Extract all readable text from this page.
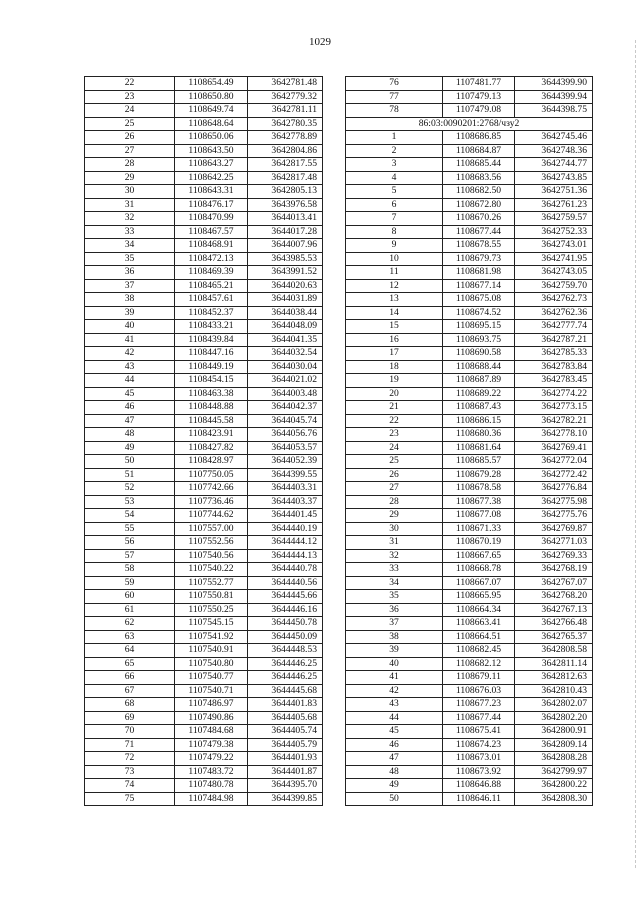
1029
22	1108654.49	3642781.48
23	1108650.80	3642779.32
24	1108649.74	3642781.11
25	1108648.64	3642780.35
26	1108650.06	3642778.89
27	1108643.50	3642804.86
28	1108643.27	3642817.55
29	1108642.25	3642817.48
30	1108643.31	3642805.13
31	1108476.17	3643976.58
32	1108470.99	3644013.41
33	1108467.57	3644017.28
34	1108468.91	3644007.96
35	1108472.13	3643985.53
36	1108469.39	3643991.52
37	1108465.21	3644020.63
38	1108457.61	3644031.89
39	1108452.37	3644038.44
40	1108433.21	3644048.09
41	1108439.84	3644041.35
42	1108447.16	3644032.54
43	1108449.19	3644030.04
44	1108454.15	3644021.02
45	1108463.38	3644003.48
46	1108448.88	3644042.37
47	1108445.58	3644045.74
48	1108423.91	3644056.76
49	1108427.82	3644053.57
50	1108428.97	3644052.39
51	1107750.05	3644399.55
52	1107742.66	3644403.31
53	1107736.46	3644403.37
54	1107744.62	3644401.45
55	1107557.00	3644440.19
56	1107552.56	3644444.12
57	1107540.56	3644444.13
58	1107540.22	3644440.78
59	1107552.77	3644440.56
60	1107550.81	3644445.66
61	1107550.25	3644446.16
62	1107545.15	3644450.78
63	1107541.92	3644450.09
64	1107540.91	3644448.53
65	1107540.80	3644446.25
66	1107540.77	3644446.25
67	1107540.71	3644445.68
68	1107486.97	3644401.83
69	1107490.86	3644405.68
70	1107484.68	3644405.74
71	1107479.38	3644405.79
72	1107479.22	3644401.93
73	1107483.72	3644401.87
74	1107480.78	3644395.70
75	1107484.98	3644399.85
76	1107481.77	3644399.90
77	1107479.13	3644399.94
78	1107479.08	3644398.75
86:03:0090201:2768/чзу2		
1	1108686.85	3642745.46
2	1108684.87	3642748.36
3	1108685.44	3642744.77
4	1108683.56	3642743.85
5	1108682.50	3642751.36
6	1108672.80	3642761.23
7	1108670.26	3642759.57
8	1108677.44	3642752.33
9	1108678.55	3642743.01
10	1108679.73	3642741.95
11	1108681.98	3642743.05
12	1108677.14	3642759.70
13	1108675.08	3642762.73
14	1108674.52	3642762.36
15	1108695.15	3642777.74
16	1108693.75	3642787.21
17	1108690.58	3642785.33
18	1108688.44	3642783.84
19	1108687.89	3642783.45
20	1108689.22	3642774.22
21	1108687.43	3642773.15
22	1108686.15	3642782.21
23	1108680.36	3642778.10
24	1108681.64	3642769.41
25	1108685.57	3642772.04
26	1108679.28	3642772.42
27	1108678.58	3642776.84
28	1108677.38	3642775.98
29	1108677.08	3642775.76
30	1108671.33	3642769.87
31	1108670.19	3642771.03
32	1108667.65	3642769.33
33	1108668.78	3642768.19
34	1108667.07	3642767.07
35	1108665.95	3642768.20
36	1108664.34	3642767.13
37	1108663.41	3642766.48
38	1108664.51	3642765.37
39	1108682.45	3642808.58
40	1108682.12	3642811.14
41	1108679.11	3642812.63
42	1108676.03	3642810.43
43	1108677.23	3642802.07
44	1108677.44	3642802.20
45	1108675.41	3642800.91
46	1108674.23	3642809.14
47	1108673.01	3642808.28
48	1108673.92	3642799.97
49	1108646.88	3642800.22
50	1108646.11	3642808.30
